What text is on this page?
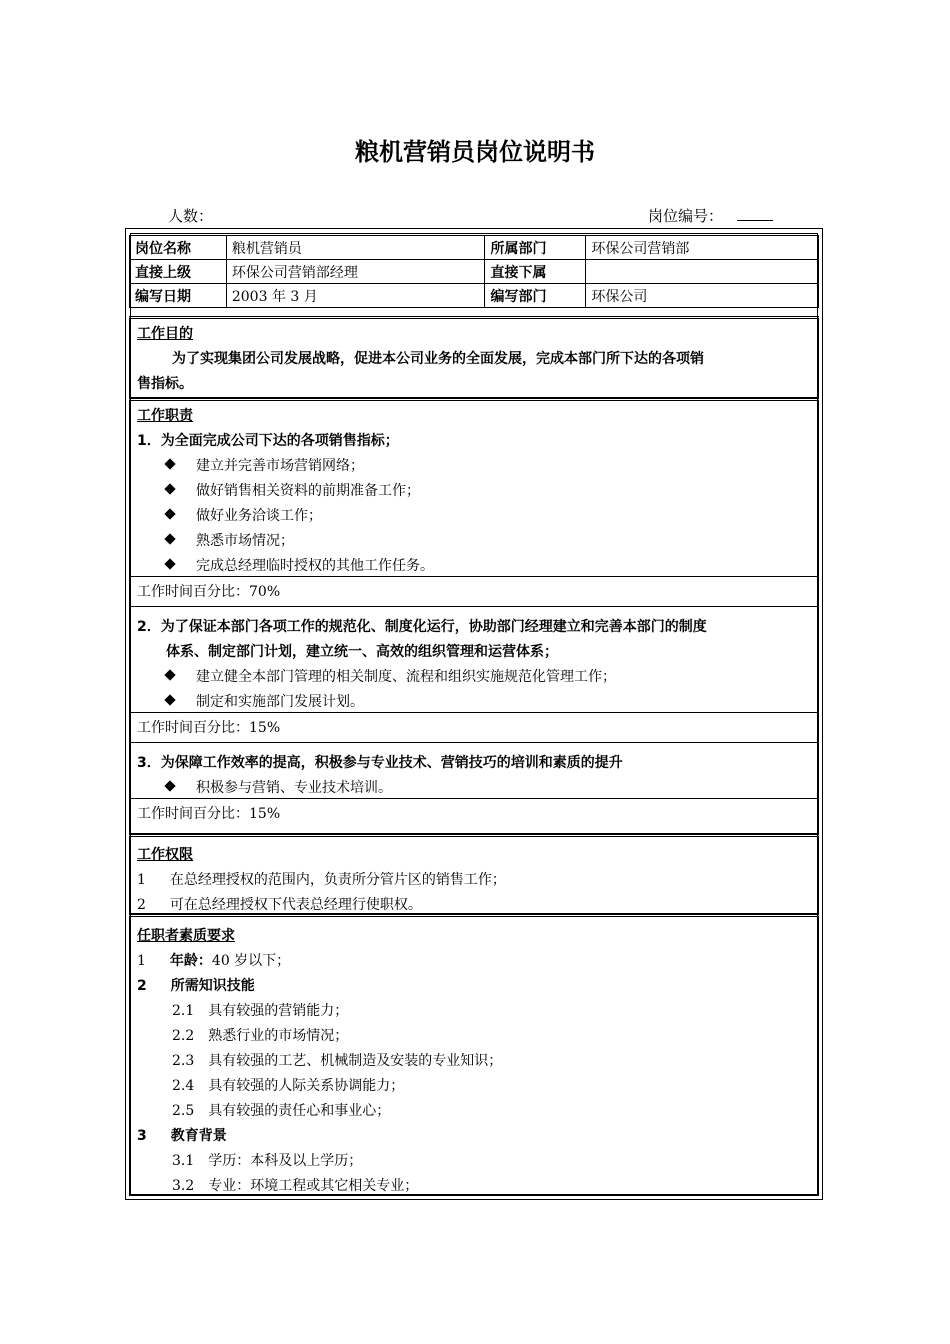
粮机营销员岗位说明书
人数：	岗位编号：
岗位名称	粮机营销员	所属部门	环保公司营销部
直接上级	环保公司营销部经理	直接下属	
编写日期	2003 年 3 月	编写部门	环保公司
工作目的
为了实现集团公司发展战略，促进本公司业务的全面发展，完成本部门所下达的各项销
售指标。
工作职责
1．为全面完成公司下达的各项销售指标；
建立并完善市场营销网络；
做好销售相关资料的前期准备工作；
做好业务洽谈工作；
熟悉市场情况；
完成总经理临时授权的其他工作任务。
工作时间百分比：70%
2．为了保证本部门各项工作的规范化、制度化运行，协助部门经理建立和完善本部门的制度
体系、制定部门计划，建立统一、高效的组织管理和运营体系；
建立健全本部门管理的相关制度、流程和组织实施规范化管理工作；
制定和实施部门发展计划。
工作时间百分比：15%
3．为保障工作效率的提高，积极参与专业技术、营销技巧的培训和素质的提升
积极参与营销、专业技术培训。
工作时间百分比：15%
工作权限
1 在总经理授权的范围内，负责所分管片区的销售工作；
2 可在总经理授权下代表总经理行使职权。
任职者素质要求
1 年龄：40 岁以下；
2 所需知识技能
2.1 具有较强的营销能力；
2.2 熟悉行业的市场情况；
2.3 具有较强的工艺、机械制造及安装的专业知识；
2.4 具有较强的人际关系协调能力；
2.5 具有较强的责任心和事业心；
3 教育背景
3.1 学历：本科及以上学历；
3.2 专业：环境工程或其它相关专业；
